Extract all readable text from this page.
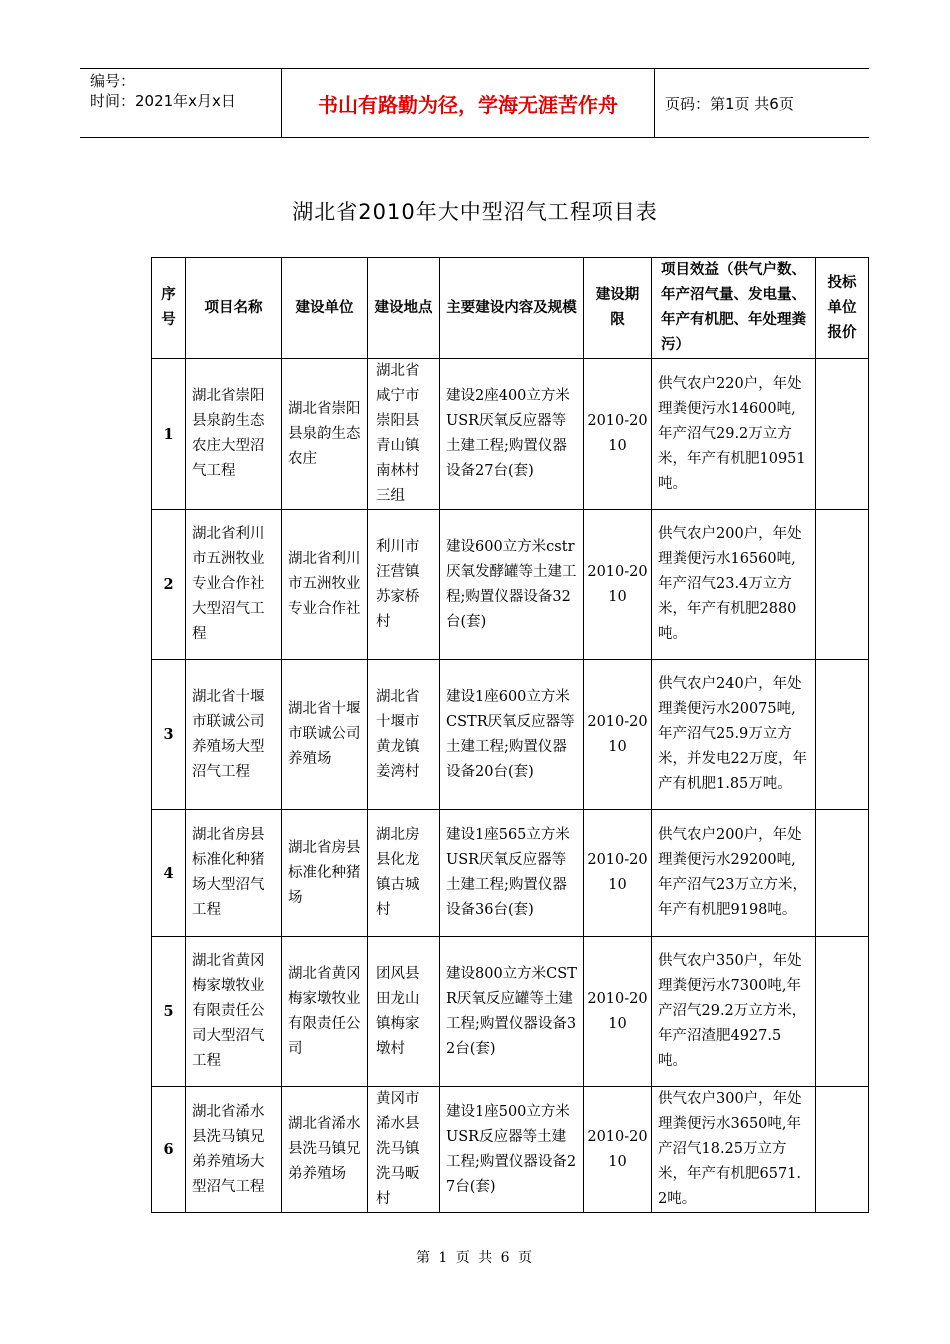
编号：
时间：2021年x月x日	书山有路勤为径，学海无涯苦作舟	页码：第1页 共6页
湖北省2010年大中型沼气工程项目表
序号	项目名称	建设单位	建设地点	主要建设内容及规模	建设期限	项目效益（供气户数、年产沼气量、发电量、年产有机肥、年处理粪污）	投标单位报价
1	湖北省崇阳县泉韵生态农庄大型沼气工程	湖北省崇阳县泉韵生态农庄	湖北省咸宁市崇阳县青山镇南林村三组	建设2座400立方米USR厌氧反应器等土建工程;购置仪器设备27台(套)	2010-2010	供气农户220户，年处理粪便污水14600吨,年产沼气29.2万立方米，年产有机肥10951吨。	
2	湖北省利川市五洲牧业专业合作社大型沼气工程	湖北省利川市五洲牧业专业合作社	利川市汪营镇苏家桥村	建设600立方米cstr厌氧发酵罐等土建工程;购置仪器设备32台(套)	2010-2010	供气农户200户，年处理粪便污水16560吨,年产沼气23.4万立方米，年产有机肥2880吨。	
3	湖北省十堰市联诚公司养殖场大型沼气工程	湖北省十堰市联诚公司养殖场	湖北省十堰市黄龙镇姜湾村	建设1座600立方米CSTR厌氧反应器等土建工程;购置仪器设备20台(套)	2010-2010	供气农户240户，年处理粪便污水20075吨,年产沼气25.9万立方米，并发电22万度，年产有机肥1.85万吨。	
4	湖北省房县标准化种猪场大型沼气工程	湖北省房县标准化种猪场	湖北房县化龙镇古城村	建设1座565立方米USR厌氧反应器等土建工程;购置仪器设备36台(套)	2010-2010	供气农户200户，年处理粪便污水29200吨,年产沼气23万立方米，年产有机肥9198吨。	
5	湖北省黄冈梅家墩牧业有限责任公司大型沼气工程	湖北省黄冈梅家墩牧业有限责任公司	团风县田龙山镇梅家墩村	建设800立方米CSTR厌氧反应罐等土建工程;购置仪器设备32台(套)	2010-2010	供气农户350户，年处理粪便污水7300吨,年产沼气29.2万立方米，年产沼渣肥4927.5吨。	
6	湖北省浠水县洗马镇兄弟养殖场大型沼气工程	湖北省浠水县洗马镇兄弟养殖场	黄冈市浠水县洗马镇洗马畈村	建设1座500立方米USR反应器等土建工程;购置仪器设备27台(套)	2010-2010	供气农户300户，年处理粪便污水3650吨,年产沼气18.25万立方米，年产有机肥6571.2吨。	
第 1 页 共 6 页
